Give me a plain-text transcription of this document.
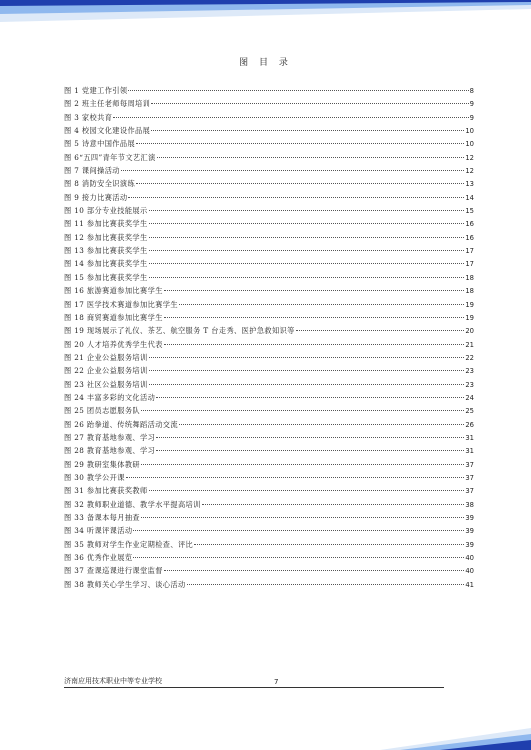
图 目 录
图 1 党建工作引领	8
图 2 班主任老师每周培训	9
图 3 家校共育	9
图 4 校园文化建设作品展	10
图 5 诗意中国作品展	10
图 6“五四”青年节文艺汇演	12
图 7 课间操活动	12
图 8 消防安全识演练	13
图 9 接力比赛活动	14
图 10 部分专业技能展示	15
图 11 参加比赛获奖学生	16
图 12 参加比赛获奖学生	16
图 13 参加比赛获奖学生	17
图 14 参加比赛获奖学生	17
图 15 参加比赛获奖学生	18
图 16 旅游赛道参加比赛学生	18
图 17 医学技术赛道参加比赛学生	19
图 18 商贸赛道参加比赛学生	19
图 19 现场展示了礼仪、茶艺、航空服务 T 台走秀、医护急救知识等	20
图 20 人才培养优秀学生代表	21
图 21 企业公益服务培训	22
图 22 企业公益服务培训	23
图 23 社区公益服务培训	23
图 24 丰富多彩的文化活动	24
图 25 团员志愿服务队	25
图 26 跆拳道、传统舞蹈活动交流	26
图 27 教育基地参观、学习	31
图 28 教育基地参观、学习	31
图 29 教研室集体教研	37
图 30 教学公开课	37
图 31 参加比赛获奖教师	37
图 32 教师职业道德、教学水平提高培训	38
图 33 备课本每月抽查	39
图 34 听课评课活动	39
图 35 教师对学生作业定期检查、评比	39
图 36 优秀作业展览	40
图 37 查课巡课进行课堂监督	40
图 38 教师关心学生学习、谈心活动	41
济南应用技术职业中等专业学校	7
